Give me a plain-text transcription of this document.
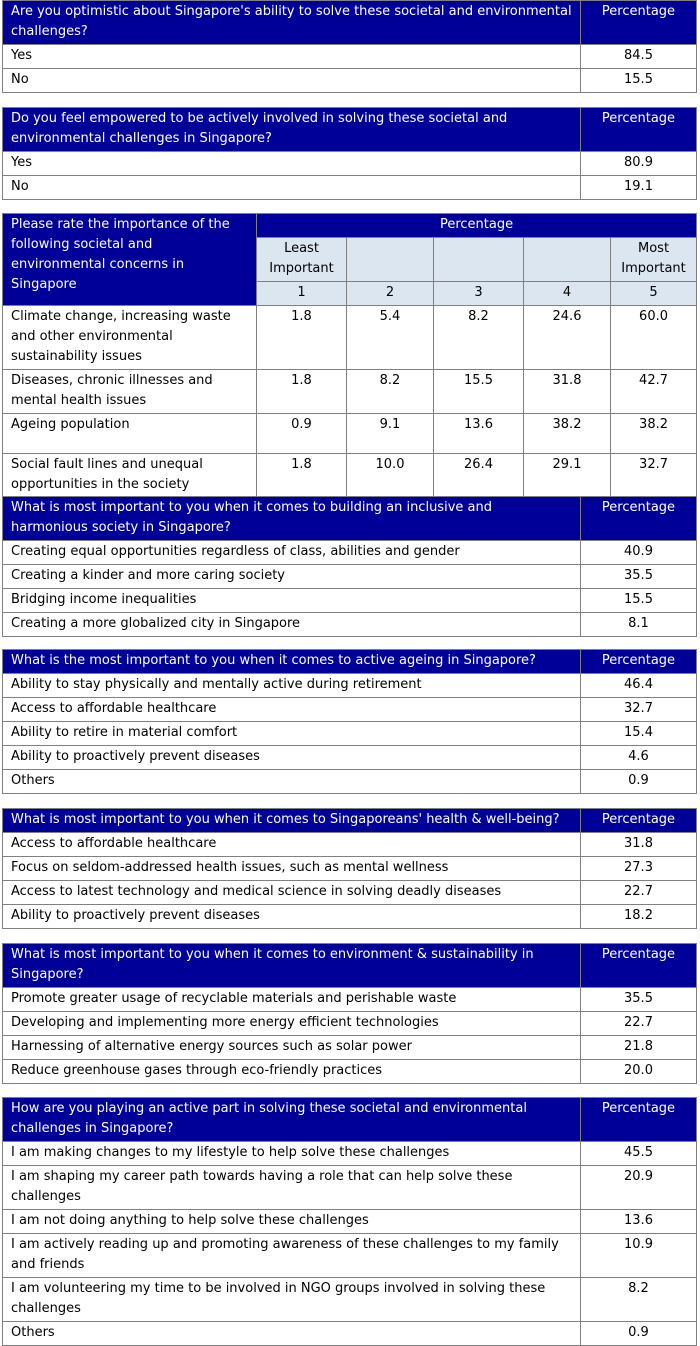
Are you optimistic about Singapore's ability to solve these societal and environmental challenges?	Percentage
Yes	84.5
No	15.5
Do you feel empowered to be actively involved in solving these societal and environmental challenges in Singapore?	Percentage
Yes	80.9
No	19.1
Please rate the importance of the following societal and environmental concerns in Singapore	Percentage				
	Least Important				Most Important
	1	2	3	4	5
Climate change, increasing waste and other environmental sustainability issues	1.8	5.4	8.2	24.6	60.0
Diseases, chronic illnesses and mental health issues	1.8	8.2	15.5	31.8	42.7
Ageing population	0.9	9.1	13.6	38.2	38.2
Social fault lines and unequal opportunities in the society	1.8	10.0	26.4	29.1	32.7
What is most important to you when it comes to building an inclusive and harmonious society in Singapore?	Percentage
Creating equal opportunities regardless of class, abilities and gender	40.9
Creating a kinder and more caring society	35.5
Bridging income inequalities	15.5
Creating a more globalized city in Singapore	8.1
What is the most important to you when it comes to active ageing in Singapore?	Percentage
Ability to stay physically and mentally active during retirement	46.4
Access to affordable healthcare	32.7
Ability to retire in material comfort	15.4
Ability to proactively prevent diseases	4.6
Others	0.9
What is most important to you when it comes to Singaporeans' health & well-being?	Percentage
Access to affordable healthcare	31.8
Focus on seldom-addressed health issues, such as mental wellness	27.3
Access to latest technology and medical science in solving deadly diseases	22.7
Ability to proactively prevent diseases	18.2
What is most important to you when it comes to environment & sustainability in Singapore?	Percentage
Promote greater usage of recyclable materials and perishable waste	35.5
Developing and implementing more energy efficient technologies	22.7
Harnessing of alternative energy sources such as solar power	21.8
Reduce greenhouse gases through eco-friendly practices	20.0
How are you playing an active part in solving these societal and environmental challenges in Singapore?	Percentage
I am making changes to my lifestyle to help solve these challenges	45.5
I am shaping my career path towards having a role that can help solve these challenges	20.9
I am not doing anything to help solve these challenges	13.6
I am actively reading up and promoting awareness of these challenges to my family and friends	10.9
I am volunteering my time to be involved in NGO groups involved in solving these challenges	8.2
Others	0.9
